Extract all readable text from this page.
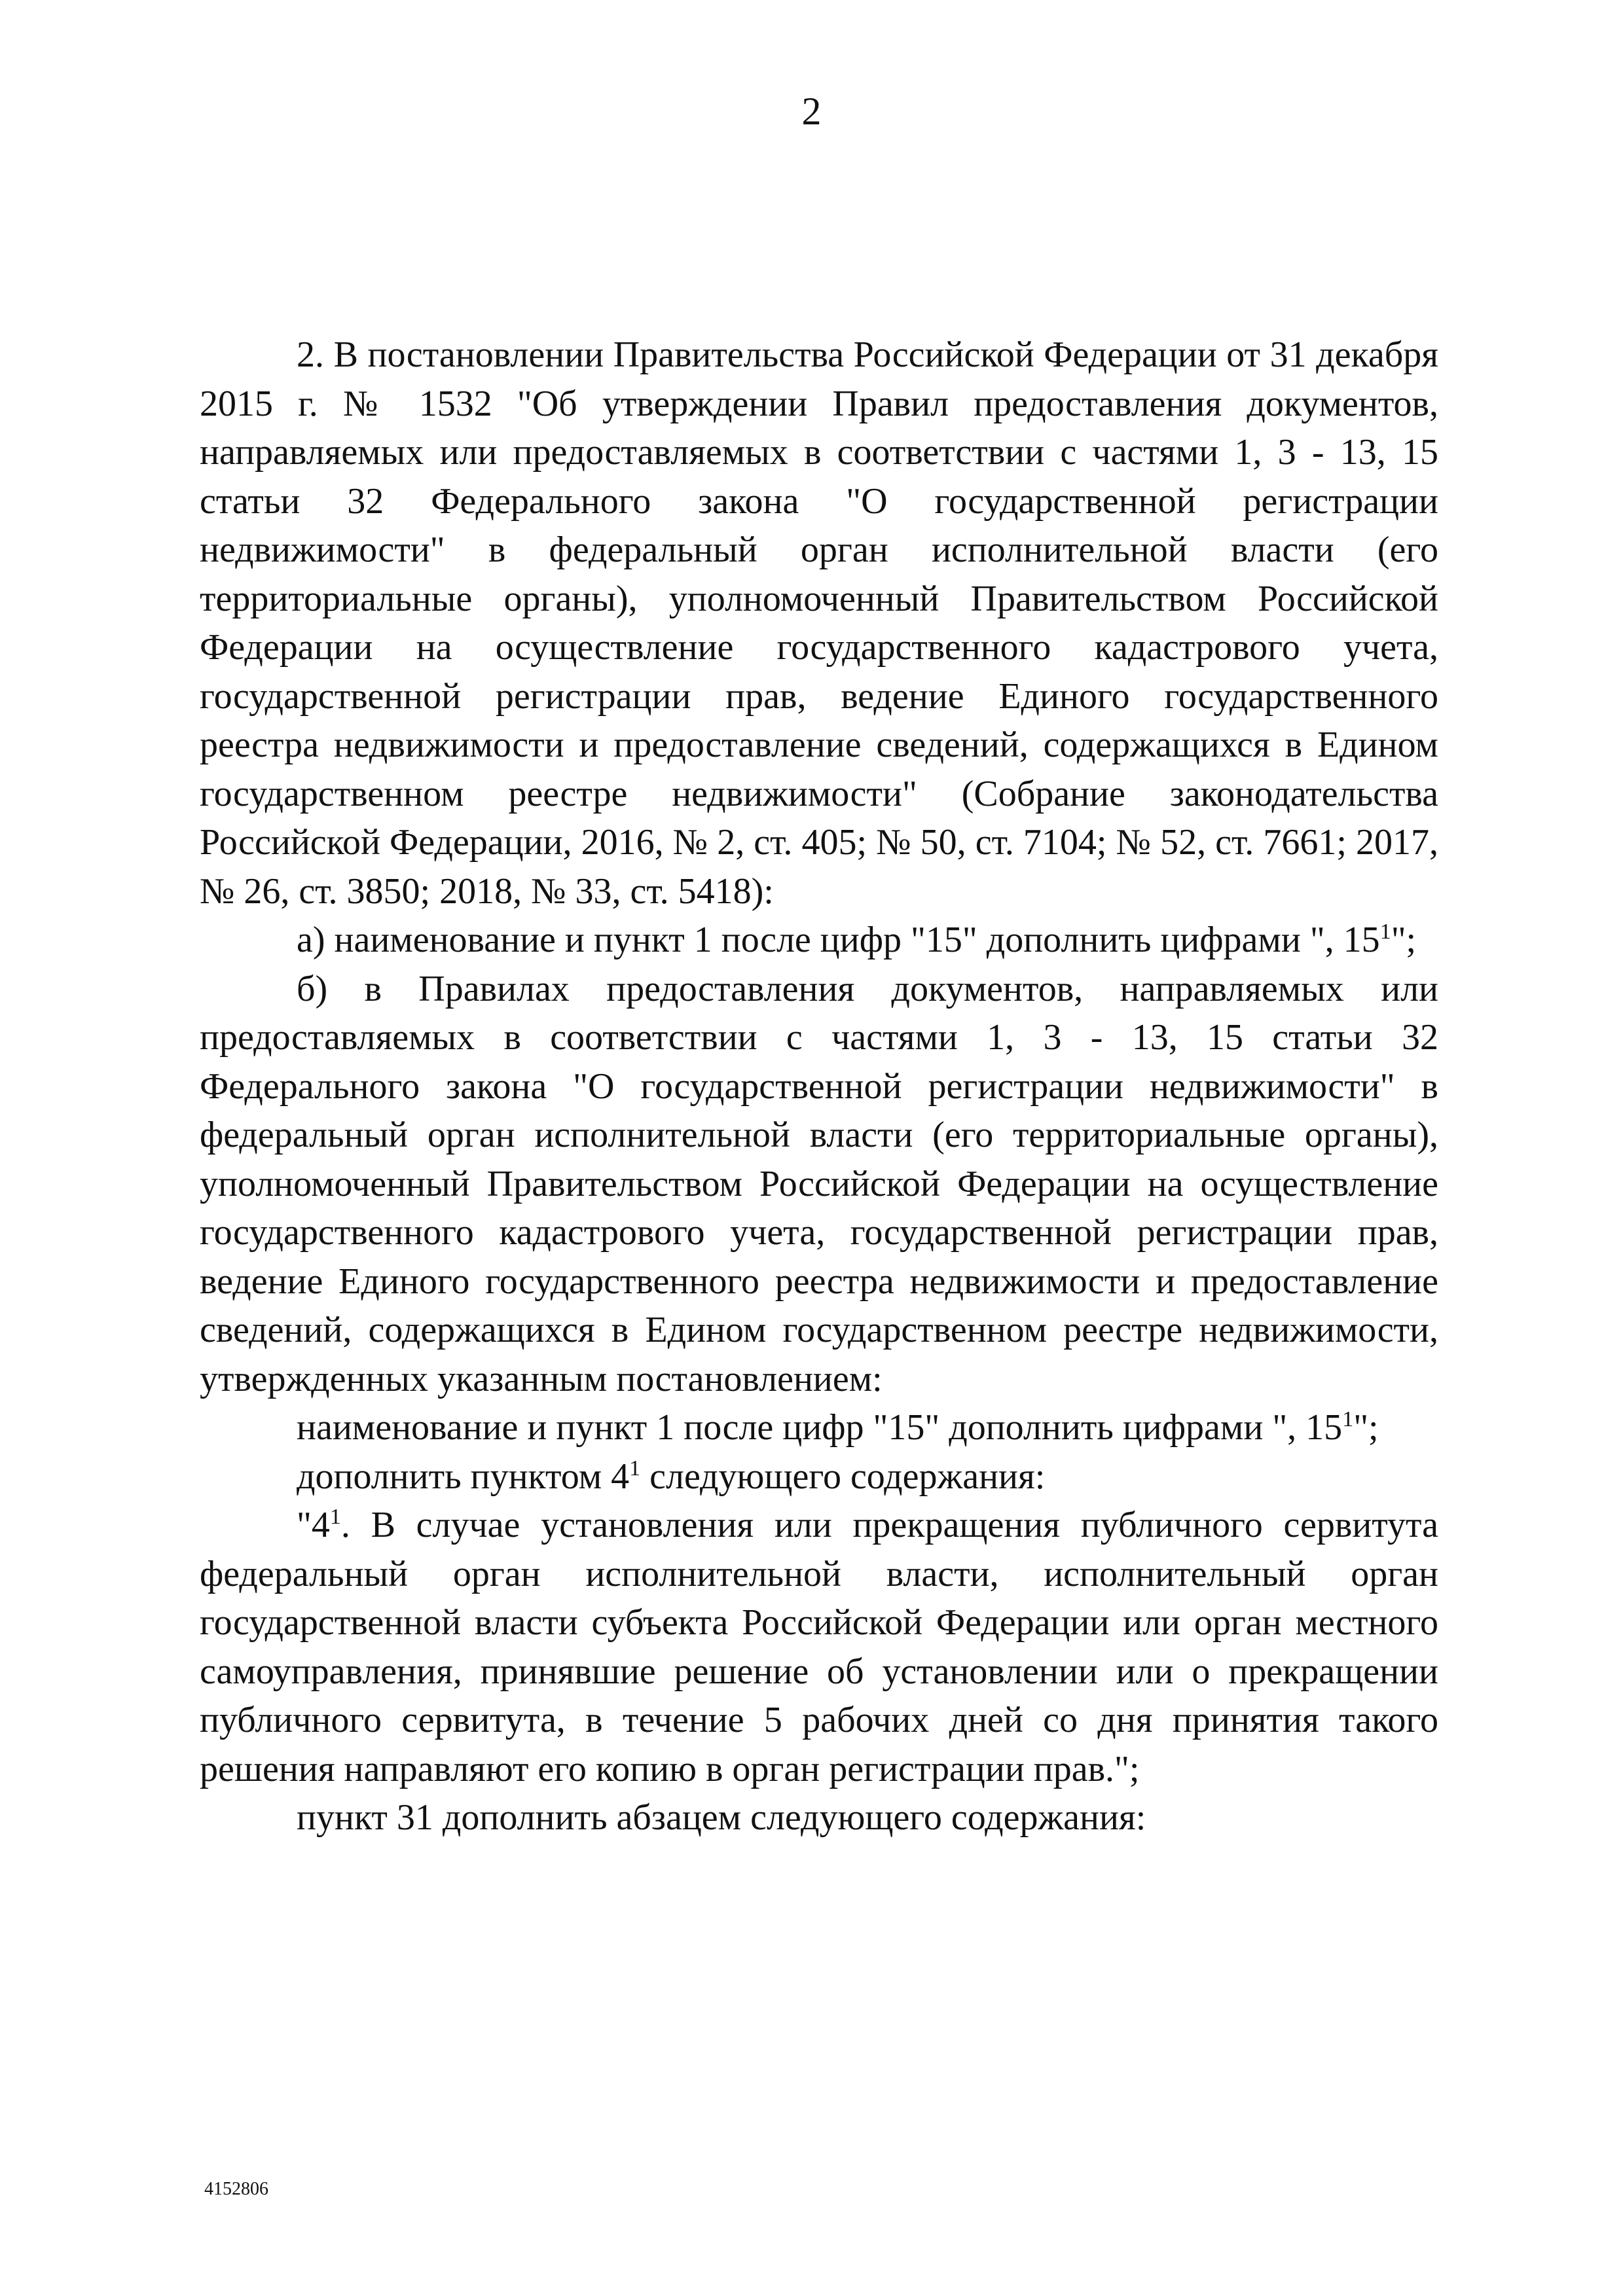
2

2. В постановлении Правительства Российской Федерации от 31 декабря 2015 г. № 1532 "Об утверждении Правил предоставления документов, направляемых или предоставляемых в соответствии с частями 1, 3 - 13, 15 статьи 32 Федерального закона "О государственной регистрации недвижимости" в федеральный орган исполнительной власти (его территориальные органы), уполномоченный Правительством Российской Федерации на осуществление государственного кадастрового учета, государственной регистрации прав, ведение Единого государственного реестра недвижимости и предоставление сведений, содержащихся в Едином государственном реестре недвижимости" (Собрание законодательства Российской Федерации, 2016, № 2, ст. 405; № 50, ст. 7104; № 52, ст. 7661; 2017, № 26, ст. 3850; 2018, № 33, ст. 5418):

а) наименование и пункт 1 после цифр "15" дополнить цифрами ", $15^1$";

б) в Правилах предоставления документов, направляемых или предоставляемых в соответствии с частями 1, 3 - 13, 15 статьи 32 Федерального закона "О государственной регистрации недвижимости" в федеральный орган исполнительной власти (его территориальные органы), уполномоченный Правительством Российской Федерации на осуществление государственного кадастрового учета, государственной регистрации прав, ведение Единого государственного реестра недвижимости и предоставление сведений, содержащихся в Едином государственном реестре недвижимости, утвержденных указанным постановлением:

наименование и пункт 1 после цифр "15" дополнить цифрами ", $15^1$";

дополнить пунктом $4^1$ следующего содержания:

"$4^1$. В случае установления или прекращения публичного сервитута федеральный орган исполнительной власти, исполнительный орган государственной власти субъекта Российской Федерации или орган местного самоуправления, принявшие решение об установлении или о прекращении публичного сервитута, в течение 5 рабочих дней со дня принятия такого решения направляют его копию в орган регистрации прав.";

пункт 31 дополнить абзацем следующего содержания:

4152806
